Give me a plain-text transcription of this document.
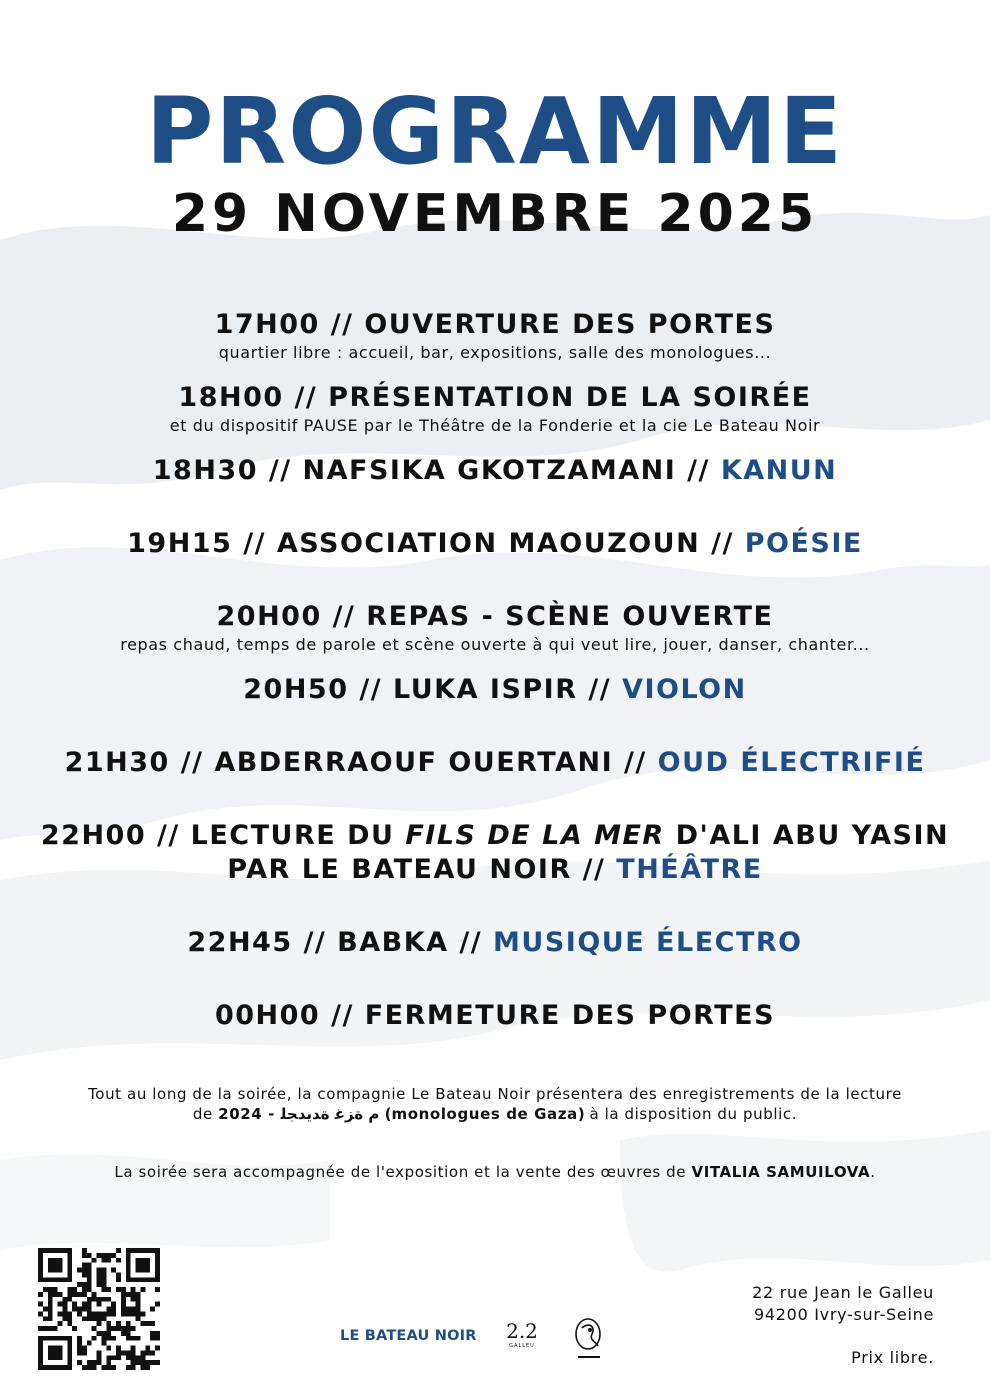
PROGRAMME
29 NOVEMBRE 2025
17H00 // OUVERTURE DES PORTES
quartier libre : accueil, bar, expositions, salle des monologues...
18H00 // PRÉSENTATION DE LA SOIRÉE
et du dispositif PAUSE par le Théâtre de la Fonderie et la cie Le Bateau Noir
18H30 // NAFSIKA GKOTZAMANI // KANUN
19H15 // ASSOCIATION MAOUZOUN // POÉSIE
20H00 // REPAS - SCÈNE OUVERTE
repas chaud, temps de parole et scène ouverte à qui veut lire, jouer, danser, chanter...
20H50 // LUKA ISPIR // VIOLON
21H30 // ABDERRAOUF OUERTANI // OUD ÉLECTRIFIÉ
22H00 // LECTURE DU FILS DE LA MER D'ALI ABU YASIN
PAR LE BATEAU NOIR // THÉÂTRE
22H45 // BABKA // MUSIQUE ÉLECTRO
00H00 // FERMETURE DES PORTES
Tout au long de la soirée, la compagnie Le Bateau Noir présentera des enregistrements de la lecture
de 2024 - ﻡ ﺓﺰﻏ ﺓﺪﻳﺪﺠﻠ (monologues de Gaza) à la disposition du public.
La soirée sera accompagnée de l'exposition et la vente des œuvres de VITALIA SAMUILOVA.
LE BATEAU NOIR 2.2
GALLEU
22 rue Jean le Galleu
94200 Ivry-sur-Seine
Prix libre.
